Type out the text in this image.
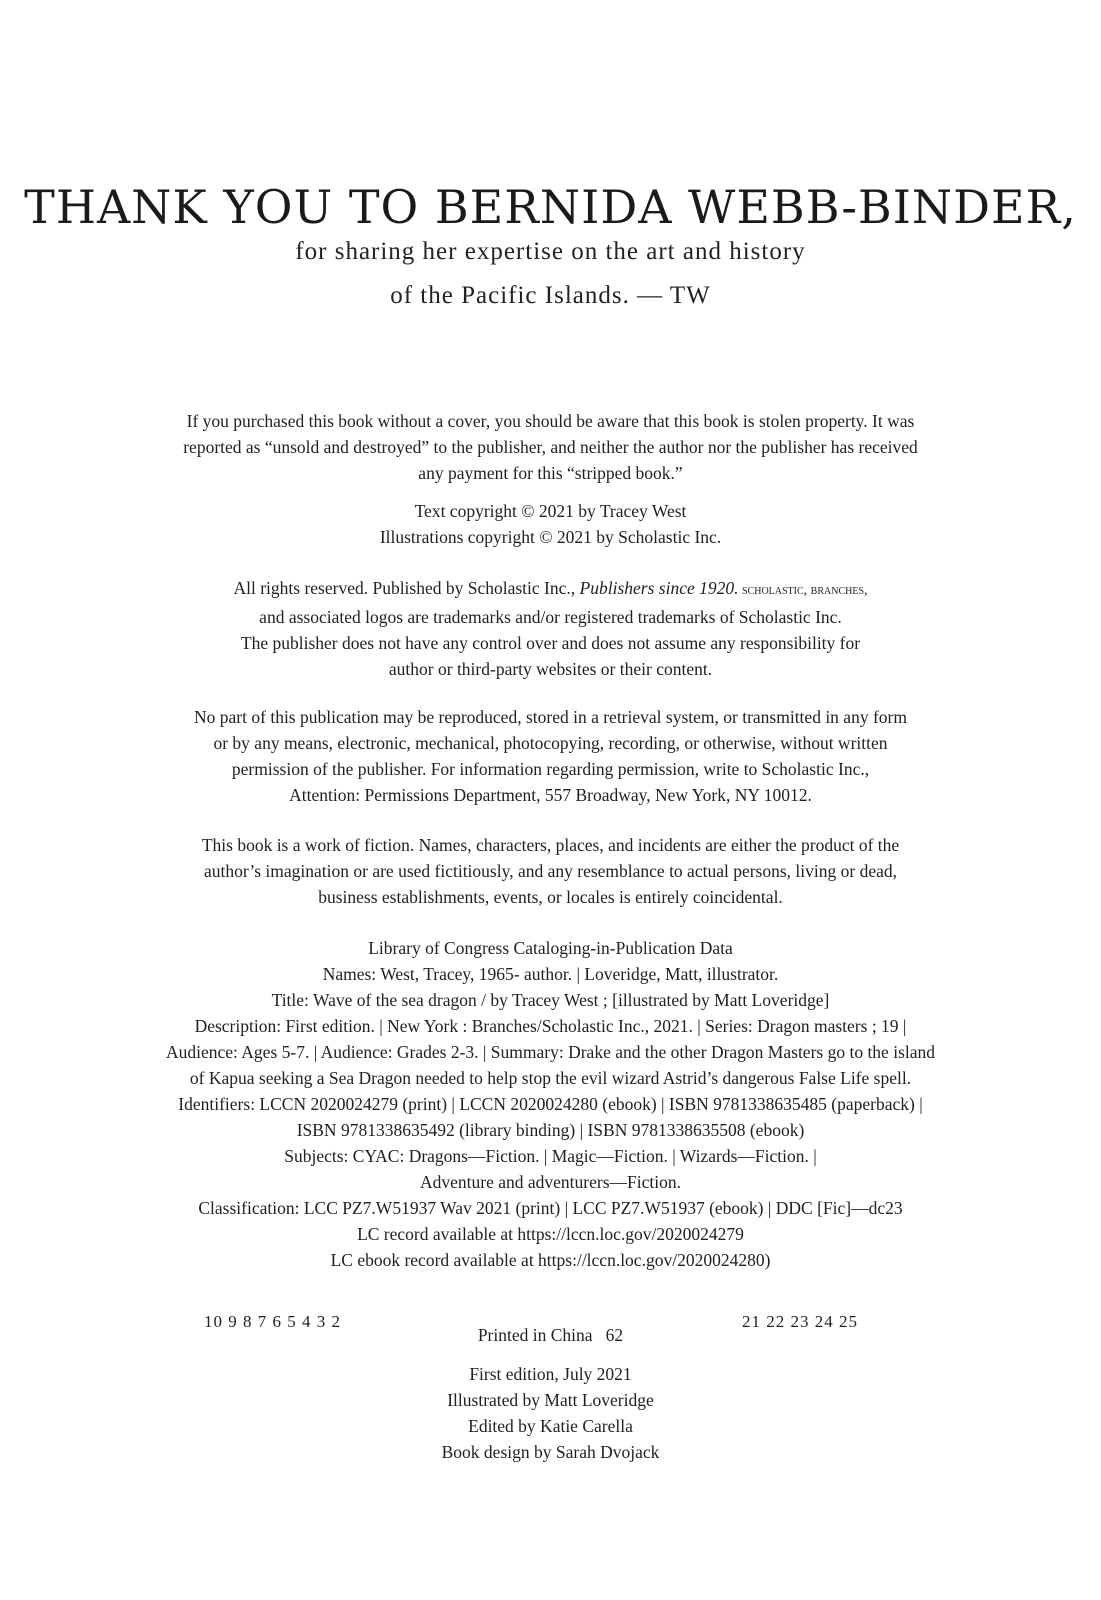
THANK YOU TO BERNIDA WEBB-BINDER,
for sharing her expertise on the art and history
of the Pacific Islands. — TW
If you purchased this book without a cover, you should be aware that this book is stolen property. It was
reported as “unsold and destroyed” to the publisher, and neither the author nor the publisher has received
any payment for this “stripped book.”
Text copyright © 2021 by Tracey West
Illustrations copyright © 2021 by Scholastic Inc.
All rights reserved. Published by Scholastic Inc., Publishers since 1920. scholastic, branches,
and associated logos are trademarks and/or registered trademarks of Scholastic Inc.
The publisher does not have any control over and does not assume any responsibility for
author or third-party websites or their content.
No part of this publication may be reproduced, stored in a retrieval system, or transmitted in any form
or by any means, electronic, mechanical, photocopying, recording, or otherwise, without written
permission of the publisher. For information regarding permission, write to Scholastic Inc.,
Attention: Permissions Department, 557 Broadway, New York, NY 10012.
This book is a work of fiction. Names, characters, places, and incidents are either the product of the
author’s imagination or are used fictitiously, and any resemblance to actual persons, living or dead,
business establishments, events, or locales is entirely coincidental.
Library of Congress Cataloging-in-Publication Data
Names: West, Tracey, 1965- author. | Loveridge, Matt, illustrator.
Title: Wave of the sea dragon / by Tracey West ; [illustrated by Matt Loveridge]
Description: First edition. | New York : Branches/Scholastic Inc., 2021. | Series: Dragon masters ; 19 |
Audience: Ages 5-7. | Audience: Grades 2-3. | Summary: Drake and the other Dragon Masters go to the island
of Kapua seeking a Sea Dragon needed to help stop the evil wizard Astrid’s dangerous False Life spell.
Identifiers: LCCN 2020024279 (print) | LCCN 2020024280 (ebook) | ISBN 9781338635485 (paperback) |
ISBN 9781338635492 (library binding) | ISBN 9781338635508 (ebook)
Subjects: CYAC: Dragons—Fiction. | Magic—Fiction. | Wizards—Fiction. |
Adventure and adventurers—Fiction.
Classification: LCC PZ7.W51937 Wav 2021 (print) | LCC PZ7.W51937 (ebook) | DDC [Fic]—dc23
LC record available at https://lccn.loc.gov/2020024279
LC ebook record available at https://lccn.loc.gov/2020024280)
10 9 8 7 6 5 4 3 2	21 22 23 24 25
Printed in China   62
First edition, July 2021
Illustrated by Matt Loveridge
Edited by Katie Carella
Book design by Sarah Dvojack
